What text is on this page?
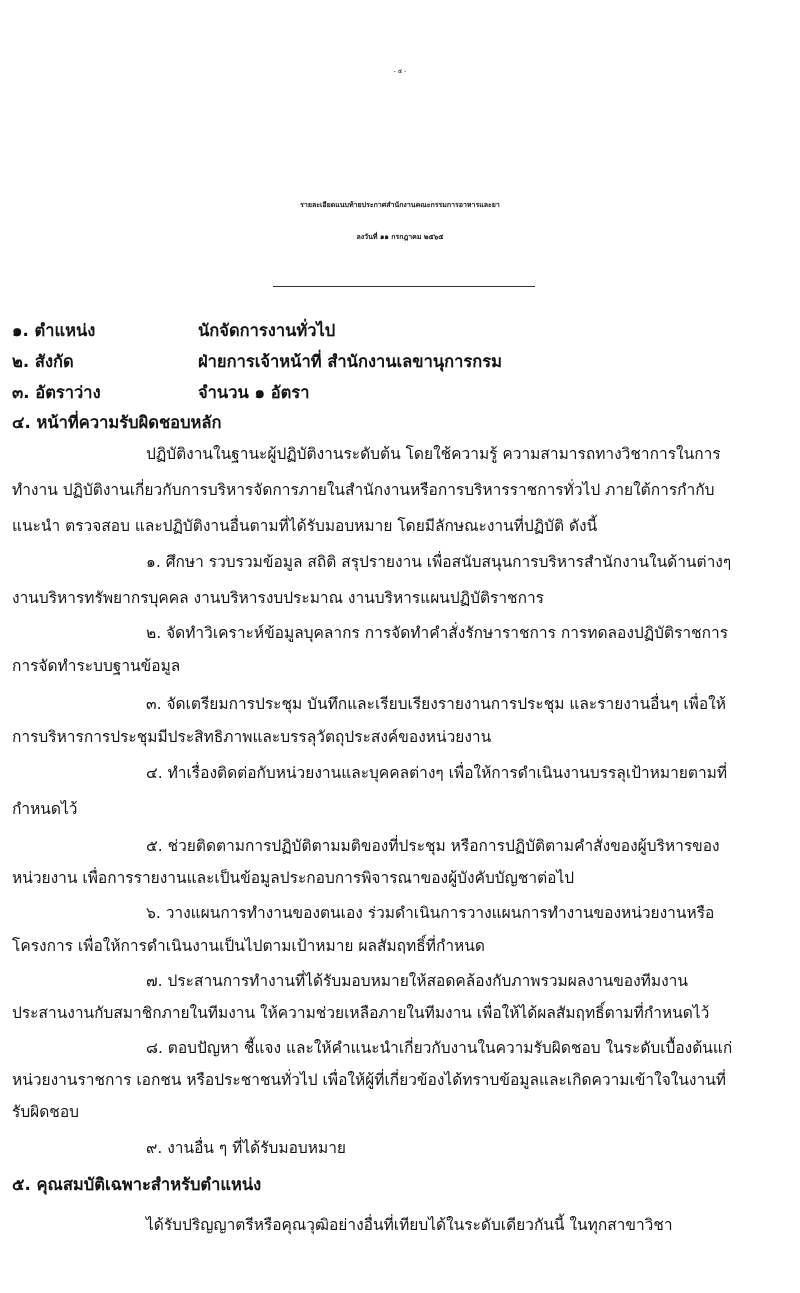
- ๕ -
รายละเอียดแนบท้ายประกาศสำนักงานคณะกรรมการอาหารและยา
ลงวันที่ ๑๑ กรกฎาคม ๒๕๖๕
๑. ตำแหน่ง	นักจัดการงานทั่วไป
๒. สังกัด	ฝ่ายการเจ้าหน้าที่ สำนักงานเลขานุการกรม
๓. อัตราว่าง	จำนวน ๑ อัตรา
๔. หน้าที่ความรับผิดชอบหลัก
ปฏิบัติงานในฐานะผู้ปฏิบัติงานระดับต้น โดยใช้ความรู้ ความสามารถทางวิชาการในการ
ทำงาน ปฏิบัติงานเกี่ยวกับการบริหารจัดการภายในสำนักงานหรือการบริหารราชการทั่วไป ภายใต้การกำกับ
แนะนำ ตรวจสอบ และปฏิบัติงานอื่นตามที่ได้รับมอบหมาย โดยมีลักษณะงานที่ปฏิบัติ ดังนี้
๑. ศึกษา รวบรวมข้อมูล สถิติ สรุปรายงาน เพื่อสนับสนุนการบริหารสำนักงานในด้านต่างๆ
งานบริหารทรัพยากรบุคคล งานบริหารงบประมาณ งานบริหารแผนปฏิบัติราชการ
๒. จัดทำวิเคราะห์ข้อมูลบุคลากร การจัดทำคำสั่งรักษาราชการ การทดลองปฏิบัติราชการ
การจัดทำระบบฐานข้อมูล
๓. จัดเตรียมการประชุม บันทึกและเรียบเรียงรายงานการประชุม และรายงานอื่นๆ เพื่อให้
การบริหารการประชุมมีประสิทธิภาพและบรรลุวัตถุประสงค์ของหน่วยงาน
๔. ทำเรื่องติดต่อกับหน่วยงานและบุคคลต่างๆ เพื่อให้การดำเนินงานบรรลุเป้าหมายตามที่
กำหนดไว้
๕. ช่วยติดตามการปฏิบัติตามมติของที่ประชุม หรือการปฏิบัติตามคำสั่งของผู้บริหารของ
หน่วยงาน เพื่อการรายงานและเป็นข้อมูลประกอบการพิจารณาของผู้บังคับบัญชาต่อไป
๖. วางแผนการทำงานของตนเอง ร่วมดำเนินการวางแผนการทำงานของหน่วยงานหรือ
โครงการ เพื่อให้การดำเนินงานเป็นไปตามเป้าหมาย ผลสัมฤทธิ์ที่กำหนด
๗. ประสานการทำงานที่ได้รับมอบหมายให้สอดคล้องกับภาพรวมผลงานของทีมงาน
ประสานงานกับสมาชิกภายในทีมงาน ให้ความช่วยเหลือภายในทีมงาน เพื่อให้ได้ผลสัมฤทธิ์ตามที่กำหนดไว้
๘. ตอบปัญหา ชี้แจง และให้คำแนะนำเกี่ยวกับงานในความรับผิดชอบ ในระดับเบื้องต้นแก่
หน่วยงานราชการ เอกชน หรือประชาชนทั่วไป เพื่อให้ผู้ที่เกี่ยวข้องได้ทราบข้อมูลและเกิดความเข้าใจในงานที่
รับผิดชอบ
๙. งานอื่น ๆ ที่ได้รับมอบหมาย
๕. คุณสมบัติเฉพาะสำหรับตำแหน่ง
ได้รับปริญญาตรีหรือคุณวุฒิอย่างอื่นที่เทียบได้ในระดับเดียวกันนี้ ในทุกสาขาวิชา
